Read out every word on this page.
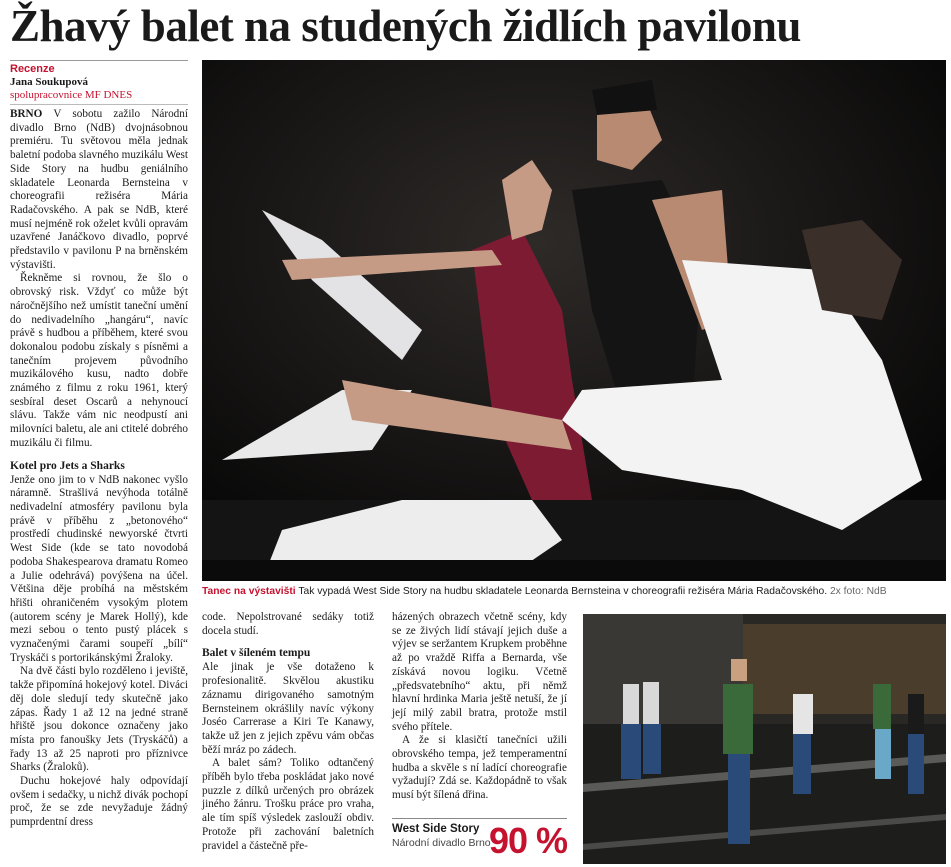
Žhavý balet na studených židlích pavilonu
Recenze
Jana Soukupová
spolupracovnice MF DNES

BRNO V sobotu zažilo Národní divadlo Brno (NdB) dvojnásobnou premiéru. Tu světovou měla jednak baletní podoba slavného muzikálu West Side Story na hudbu geniálního skladatele Leonarda Bernsteina v choreografii režiséra Mária Radačovského. A pak se NdB, které musí nejméně rok oželet kvůli opravám uzavřené Janáčkovo divadlo, poprvé představilo v pavilonu P na brněnském výstavišti.

Řekněme si rovnou, že šlo o obrovský risk. Vždyť co může být náročnějšího než umístit taneční umění do nedivadelního „hangáru“, navíc právě s hudbou a příběhem, které svou dokonalou podobu získaly s písněmi a tanečním projevem původního muzikálového kusu, nadto dobře známého z filmu z roku 1961, který sesbíral deset Oscarů a nehynoucí slávu. Takže vám nic neodpustí ani milovníci baletu, ale ani ctitelé dobrého muzikálu či filmu.

Kotel pro Jets a Sharks

Jenže ono jim to v NdB nakonec vyšlo náramně. Strašlivá nevýhoda totálně nedivadelní atmosféry pavilonu byla právě v příběhu z „betonového“ prostředí chudinské newyorské čtvrti West Side (kde se tato novodobá podoba Shakespearova dramatu Romeo a Julie odehrává) povýšena na účel. Většina děje probíhá na městském hřišti ohraničeném vysokým plotem (autorem scény je Marek Hollý), kde mezi sebou o tento pustý plácek s vyznačenými čarami soupeří „bílí“ Tryskáči s portorikánskými Žraloky.

Na dvě části bylo rozděleno i jeviště, takže připomíná hokejový kotel. Diváci děj dole sledují tedy skutečně jako zápas. Řady 1 až 12 na jedné straně hřiště jsou dokonce označeny jako místa pro fanoušky Jets (Tryskáčů) a řady 13 až 25 naproti pro příznivce Sharks (Žraloků).

Duchu hokejové haly odpovídají ovšem i sedačky, u nichž divák pochopí proč, že se zde nevyžaduje žádný pumprdentní dress

Tanec na výstavišti Tak vypadá West Side Story na hudbu skladatele Leonarda Bernsteina v choreografii režiséra Mária Radačovského. 2x foto: NdB

code. Nepolstrované sedáky totiž docela studí.

Balet v šíleném tempu

Ale jinak je vše dotaženo k profesionalitě. Skvělou akustiku záznamu dirigovaného samotným Bernsteinem okrášlily navíc výkony Joséo Carrerase a Kiri Te Kanawy, takže už jen z jejich zpěvu vám občas běží mráz po zádech.

A balet sám? Toliko odtančený příběh bylo třeba poskládat jako nové puzzle z dílků určených pro obrázek jiného žánru. Trošku práce pro vraha, ale tím spíš výsledek zaslouží obdiv. Protože při zachování baletních pravidel a částečně pře-

házených obrazech včetně scény, kdy se ze živých lidí stávají jejich duše a výjev se seržantem Krupkem proběhne až po vraždě Riffa a Bernarda, vše získává novou logiku. Včetně „předsvatebního“ aktu, při němž hlavní hrdinka Maria ještě netuší, že jí její milý zabil bratra, protože mstil svého přítele.

A že si klasičtí tanečníci užili obrovského tempa, jež temperamentní hudba a skvěle s ní ladící choreografie vyžadují? Zdá se. Každopádně to však musí být šílená dřina.

West Side Story
Národní divadlo Brno
90 %
